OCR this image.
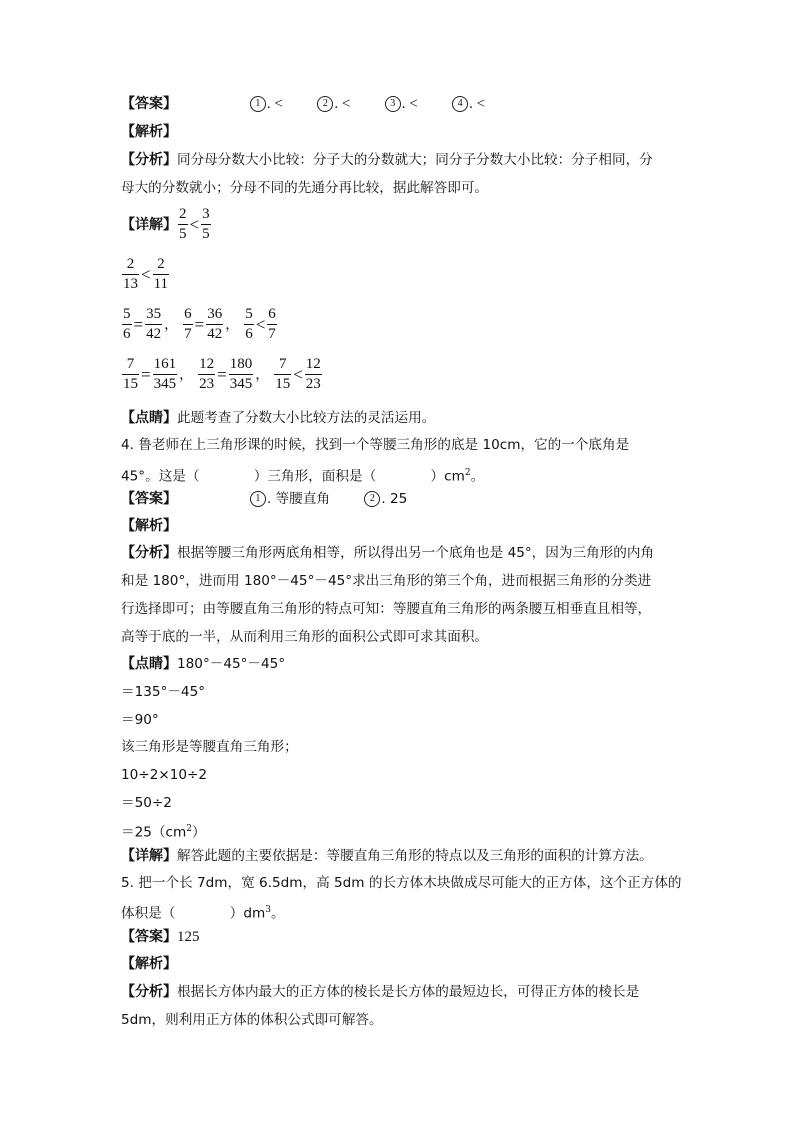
【答案】	1 . <	2 . <	3 . <	4 . <
【解析】
【分析】同分母分数大小比较：分子大的分数就大；同分子分数大小比较：分子相同，分
母大的分数就小；分母不同的先通分再比较，据此解答即可。
【详解】 $\frac{2}{5} < \frac{3}{5}$
$\frac{2}{13} < \frac{2}{11}$
$\frac{5}{6} = \frac{35}{42}$ ， $\frac{6}{7} = \frac{36}{42}$ ， $\frac{5}{6} < \frac{6}{7}$
$\frac{7}{15} = \frac{161}{345}$ ， $\frac{12}{23} = \frac{180}{345}$ ， $\frac{7}{15} < \frac{12}{23}$
【点睛】此题考查了分数大小比较方法的灵活运用。
4. 鲁老师在上三角形课的时候，找到一个等腰三角形的底是 10cm，它的一个底角是
45°。这是（　　　　）三角形，面积是（　　　　）$cm^2$。
【答案】	1 . 等腰直角	2 . 25
【解析】
【分析】根据等腰三角形两底角相等，所以得出另一个底角也是 45°，因为三角形的内角
和是 180°，进而用 180°－45°－45°求出三角形的第三个角，进而根据三角形的分类进
行选择即可；由等腰直角三角形的特点可知：等腰直角三角形的两条腰互相垂直且相等，
高等于底的一半，从而利用三角形的面积公式即可求其面积。
【点睛】180°－45°－45°
＝135°－45°
＝90°
该三角形是等腰直角三角形；
10÷2×10÷2
＝50÷2
$=25(cm^2)$
【详解】解答此题的主要依据是：等腰直角三角形的特点以及三角形的面积的计算方法。
5. 把一个长 7dm，宽 6.5dm，高 5dm 的长方体木块做成尽可能大的正方体，这个正方体的
体积是（　　　　）$dm^3$。
【答案】125
【解析】
【分析】根据长方体内最大的正方体的棱长是长方体的最短边长，可得正方体的棱长是
5dm，则利用正方体的体积公式即可解答。
